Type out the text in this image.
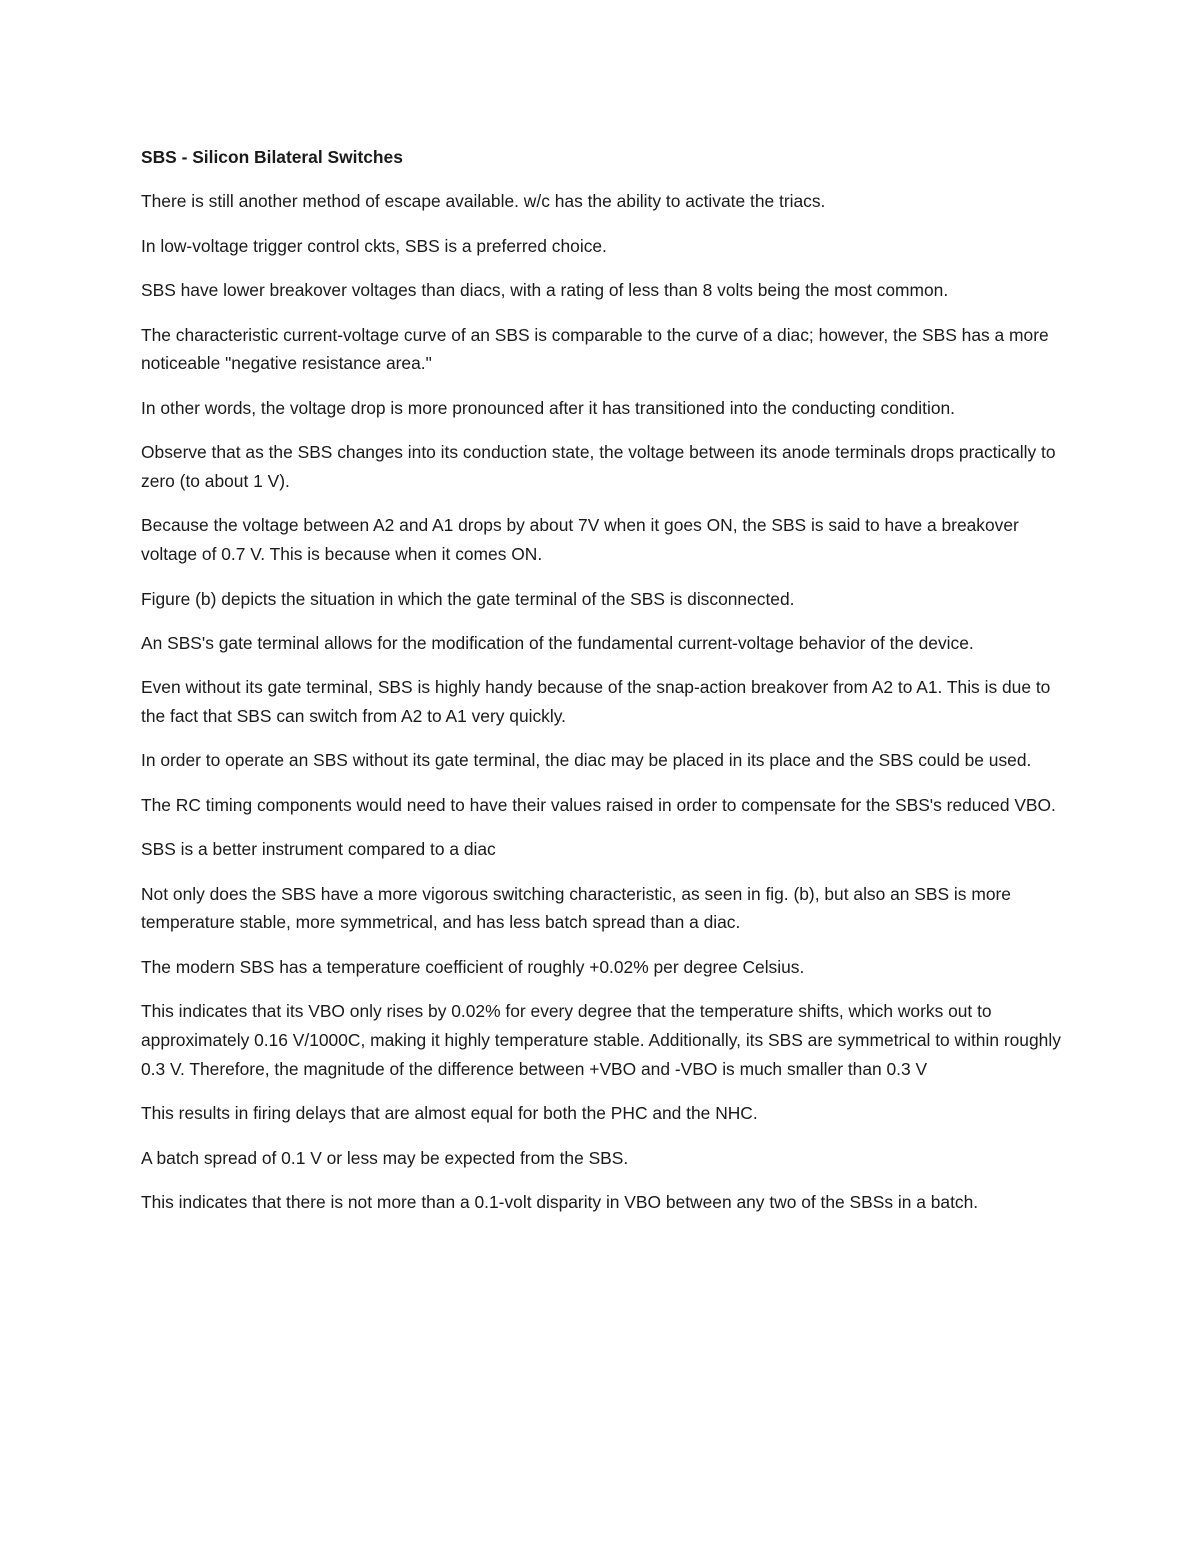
SBS - Silicon Bilateral Switches

There is still another method of escape available. w/c has the ability to activate the triacs.

In low-voltage trigger control ckts, SBS is a preferred choice.

SBS have lower breakover voltages than diacs, with a rating of less than 8 volts being the most common.

The characteristic current-voltage curve of an SBS is comparable to the curve of a diac; however, the SBS has a more noticeable "negative resistance area."

In other words, the voltage drop is more pronounced after it has transitioned into the conducting condition.

Observe that as the SBS changes into its conduction state, the voltage between its anode terminals drops practically to zero (to about 1 V).

Because the voltage between A2 and A1 drops by about 7V when it goes ON, the SBS is said to have a breakover voltage of 0.7 V. This is because when it comes ON.

Figure (b) depicts the situation in which the gate terminal of the SBS is disconnected.

An SBS's gate terminal allows for the modification of the fundamental current-voltage behavior of the device.

Even without its gate terminal, SBS is highly handy because of the snap-action breakover from A2 to A1. This is due to the fact that SBS can switch from A2 to A1 very quickly.

In order to operate an SBS without its gate terminal, the diac may be placed in its place and the SBS could be used.

The RC timing components would need to have their values raised in order to compensate for the SBS's reduced VBO.

SBS is a better instrument compared to a diac

Not only does the SBS have a more vigorous switching characteristic, as seen in fig. (b), but also an SBS is more temperature stable, more symmetrical, and has less batch spread than a diac.

The modern SBS has a temperature coefficient of roughly +0.02% per degree Celsius.

This indicates that its VBO only rises by 0.02% for every degree that the temperature shifts, which works out to approximately 0.16 V/1000C, making it highly temperature stable. Additionally, its SBS are symmetrical to within roughly 0.3 V. Therefore, the magnitude of the difference between +VBO and -VBO is much smaller than 0.3 V

This results in firing delays that are almost equal for both the PHC and the NHC.

A batch spread of 0.1 V or less may be expected from the SBS.

This indicates that there is not more than a 0.1-volt disparity in VBO between any two of the SBSs in a batch.
